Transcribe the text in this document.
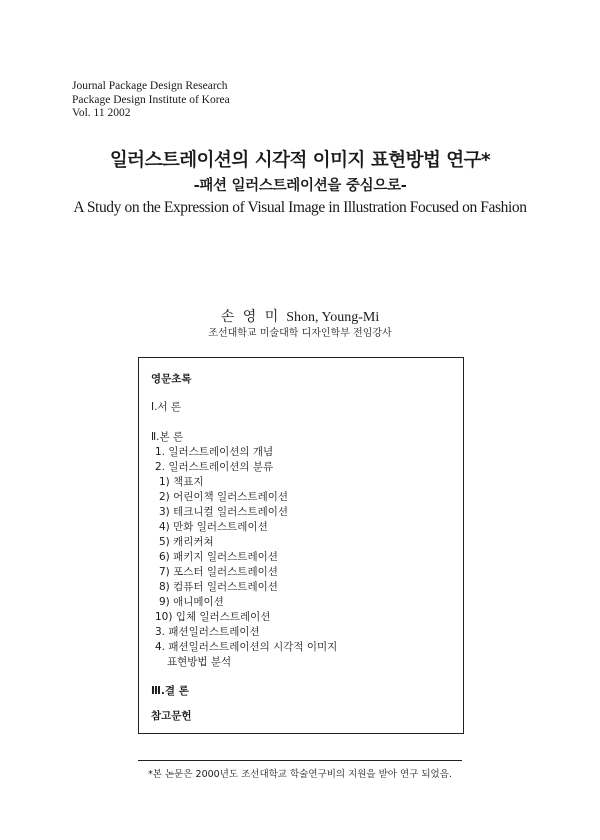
Journal Package Design Research
Package Design Institute of Korea
Vol. 11 2002
일러스트레이션의 시각적 이미지 표현방법 연구*
-패션 일러스트레이션을 중심으로-
A Study on the Expression of Visual Image in Illustration Focused on Fashion
손 영 미 Shon, Young-Mi
조선대학교 미술대학 디자인학부 전임강사
영문초록
Ⅰ.서 론
Ⅱ.본 론
1. 일러스트레이션의 개념
2. 일러스트레이션의 분류
1) 책표지
2) 어린이책 일러스트레이션
3) 테크니컬 일러스트레이션
4) 만화 일러스트레이션
5) 캐리커쳐
6) 패키지 일러스트레이션
7) 포스터 일러스트레이션
8) 컴퓨터 일러스트레이션
9) 애니메이션
10) 입체 일러스트레이션
3. 패션일러스트레이션
4. 패션일러스트레이션의 시각적 이미지
표현방법 분석
Ⅲ.결 론
참고문헌
*본 논문은 2000년도 조선대학교 학술연구비의 지원을 받아 연구 되었음.
